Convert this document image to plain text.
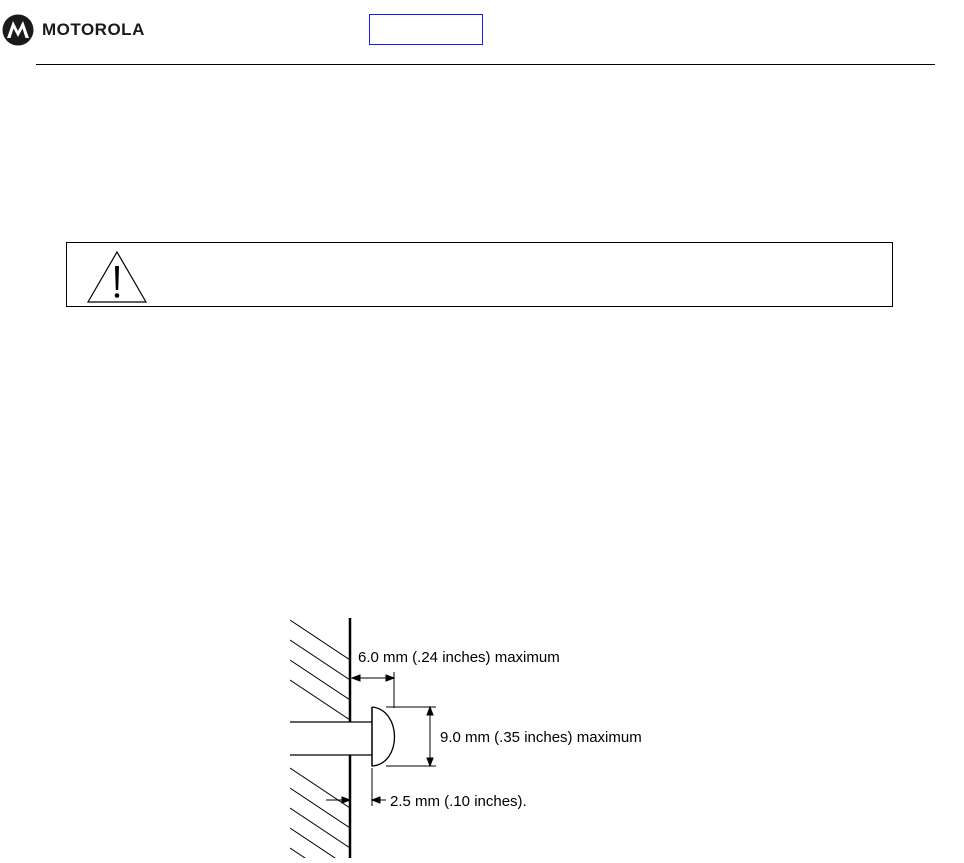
MOTOROLA
6.0 mm (.24 inches) maximum
9.0 mm (.35 inches) maximum
2.5 mm (.10 inches).
